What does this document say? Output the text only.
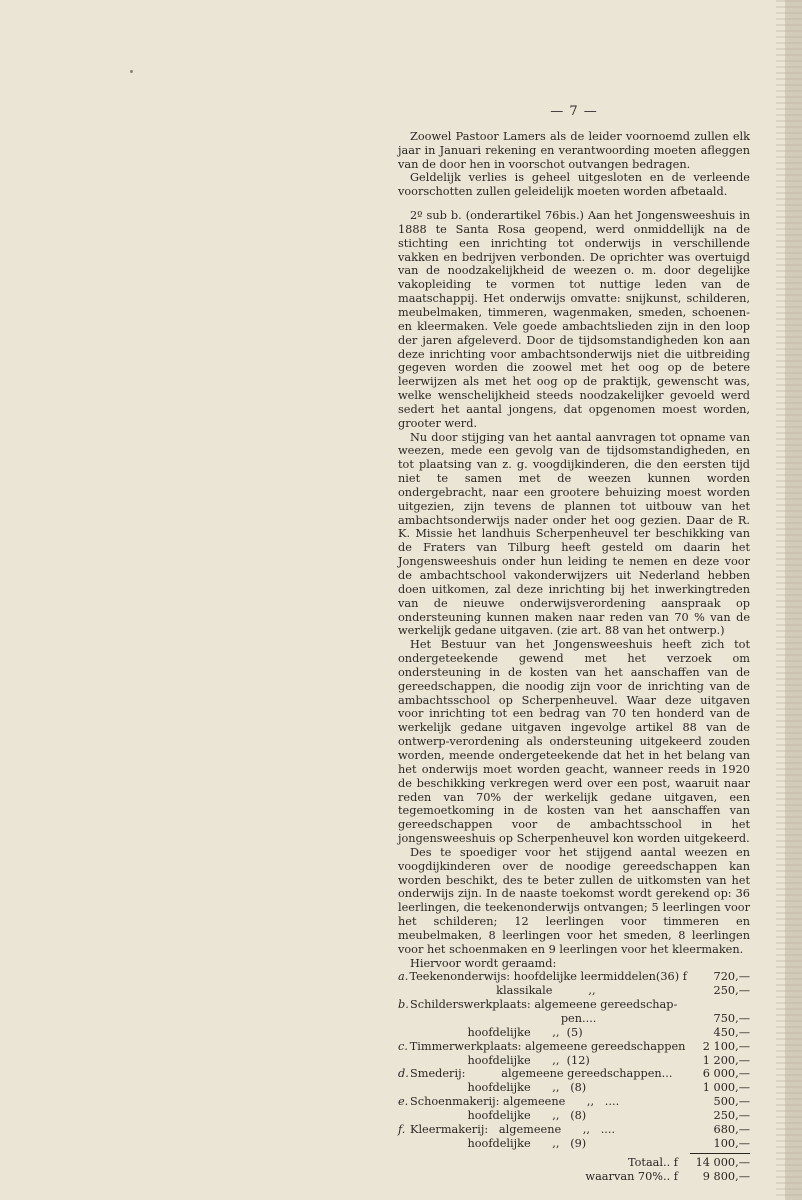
— 7 —

Zoowel Pastoor Lamers als de leider voornoemd zullen elk jaar in Januari rekening en verantwoording moeten afleggen van de door hen in voorschot outvangen bedragen.

Geldelijk verlies is geheel uitgesloten en de verleende voorschotten zullen geleidelijk moeten worden afbetaald.

2º sub b. (onderartikel 76bis.) Aan het Jongensweeshuis in 1888 te Santa Rosa geopend, werd onmiddellijk na de stichting een inrichting tot onderwijs in verschillende vakken en bedrijven verbonden. De oprichter was overtuigd van de noodzakelijkheid de weezen o. m. door degelijke vakopleiding te vormen tot nuttige leden van de maatschappij. Het onderwijs omvatte: snijkunst, schilderen, meubelmaken, timmeren, wagenmaken, smeden, schoenen- en kleermaken. Vele goede ambachtslieden zijn in den loop der jaren afgeleverd. Door de tijdsomstandigheden kon aan deze inrichting voor ambachtsonderwijs niet die uitbreiding gegeven worden die zoowel met het oog op de betere leerwijzen als met het oog op de praktijk, gewenscht was, welke wenschelijkheid steeds noodzakelijker gevoeld werd sedert het aantal jongens, dat opgenomen moest worden, grooter werd.

Nu door stijging van het aantal aanvragen tot opname van weezen, mede een gevolg van de tijdsomstandigheden, en tot plaatsing van z. g. voogdijkinderen, die den eersten tijd niet te samen met de weezen kunnen worden ondergebracht, naar een grootere behuizing moest worden uitgezien, zijn tevens de plannen tot uitbouw van het ambachtsonderwijs nader onder het oog gezien. Daar de R. K. Missie het landhuis Scherpenheuvel ter beschikking van de Fraters van Tilburg heeft gesteld om daarin het Jongensweeshuis onder hun leiding te nemen en deze voor de ambachtschool vakonderwijzers uit Nederland hebben doen uitkomen, zal deze inrichting bij het inwerkingtreden van de nieuwe onderwijsverordening aanspraak op ondersteuning kunnen maken naar reden van 70 % van de werkelijk gedane uitgaven. (zie art. 88 van het ontwerp.)

Het Bestuur van het Jongensweeshuis heeft zich tot ondergeteekende gewend met het verzoek om ondersteuning in de kosten van het aanschaffen van de gereedschappen, die noodig zijn voor de inrichting van de ambachtsschool op Scherpenheuvel. Waar deze uitgaven voor inrichting tot een bedrag van 70 ten honderd van de werkelijk gedane uitgaven ingevolge artikel 88 van de ontwerp-verordening als ondersteuning uitgekeerd zouden worden, meende ondergeteekende dat het in het belang van het onderwijs moet worden geacht, wanneer reeds in 1920 de beschikking verkregen werd over een post, waaruit naar reden van 70% der werkelijk gedane uitgaven, een tegemoetkoming in de kosten van het aanschaffen van gereedschappen voor de ambachtsschool in het jongensweeshuis op Scherpenheuvel kon worden uitgekeerd.

Des te spoediger voor het stijgend aantal weezen en voogdijkinderen over de noodige gereedschappen kan worden beschikt, des te beter zullen de uitkomsten van het onderwijs zijn. In de naaste toekomst wordt gerekend op: 36 leerlingen, die teekenonderwijs ontvangen; 5 leerlingen voor het schilderen; 12 leerlingen voor timmeren en meubelmaken, 8 leerlingen voor het smeden, 8 leerlingen voor het schoenmaken en 9 leerlingen voor het kleermaken.

Hiervoor wordt geraamd:

a. Teekenonderwijs: hoofdelijke leermiddelen(36) f	720,—
klassikale          ,,	250,—
b. Schilderswerkplaats: algemeene gereedschap-
pen....	750,—
hoofdelijke      ,,  (5)	450,—
c. Timmerwerkplaats: algemeene gereedschappen	2 100,—
hoofdelijke      ,,  (12)	1 200,—
d. Smederij:          algemeene gereedschappen...	6 000,—
hoofdelijke      ,,   (8)	1 000,—
e. Schoenmakerij: algemeene      ,,   ....	500,—
hoofdelijke      ,,   (8)	250,—
f. Kleermakerij:   algemeene      ,,   ....	680,—
hoofdelijke      ,,   (9)	100,—
Totaal.. f	14 000,—
waarvan 70%.. f	9 800,—
